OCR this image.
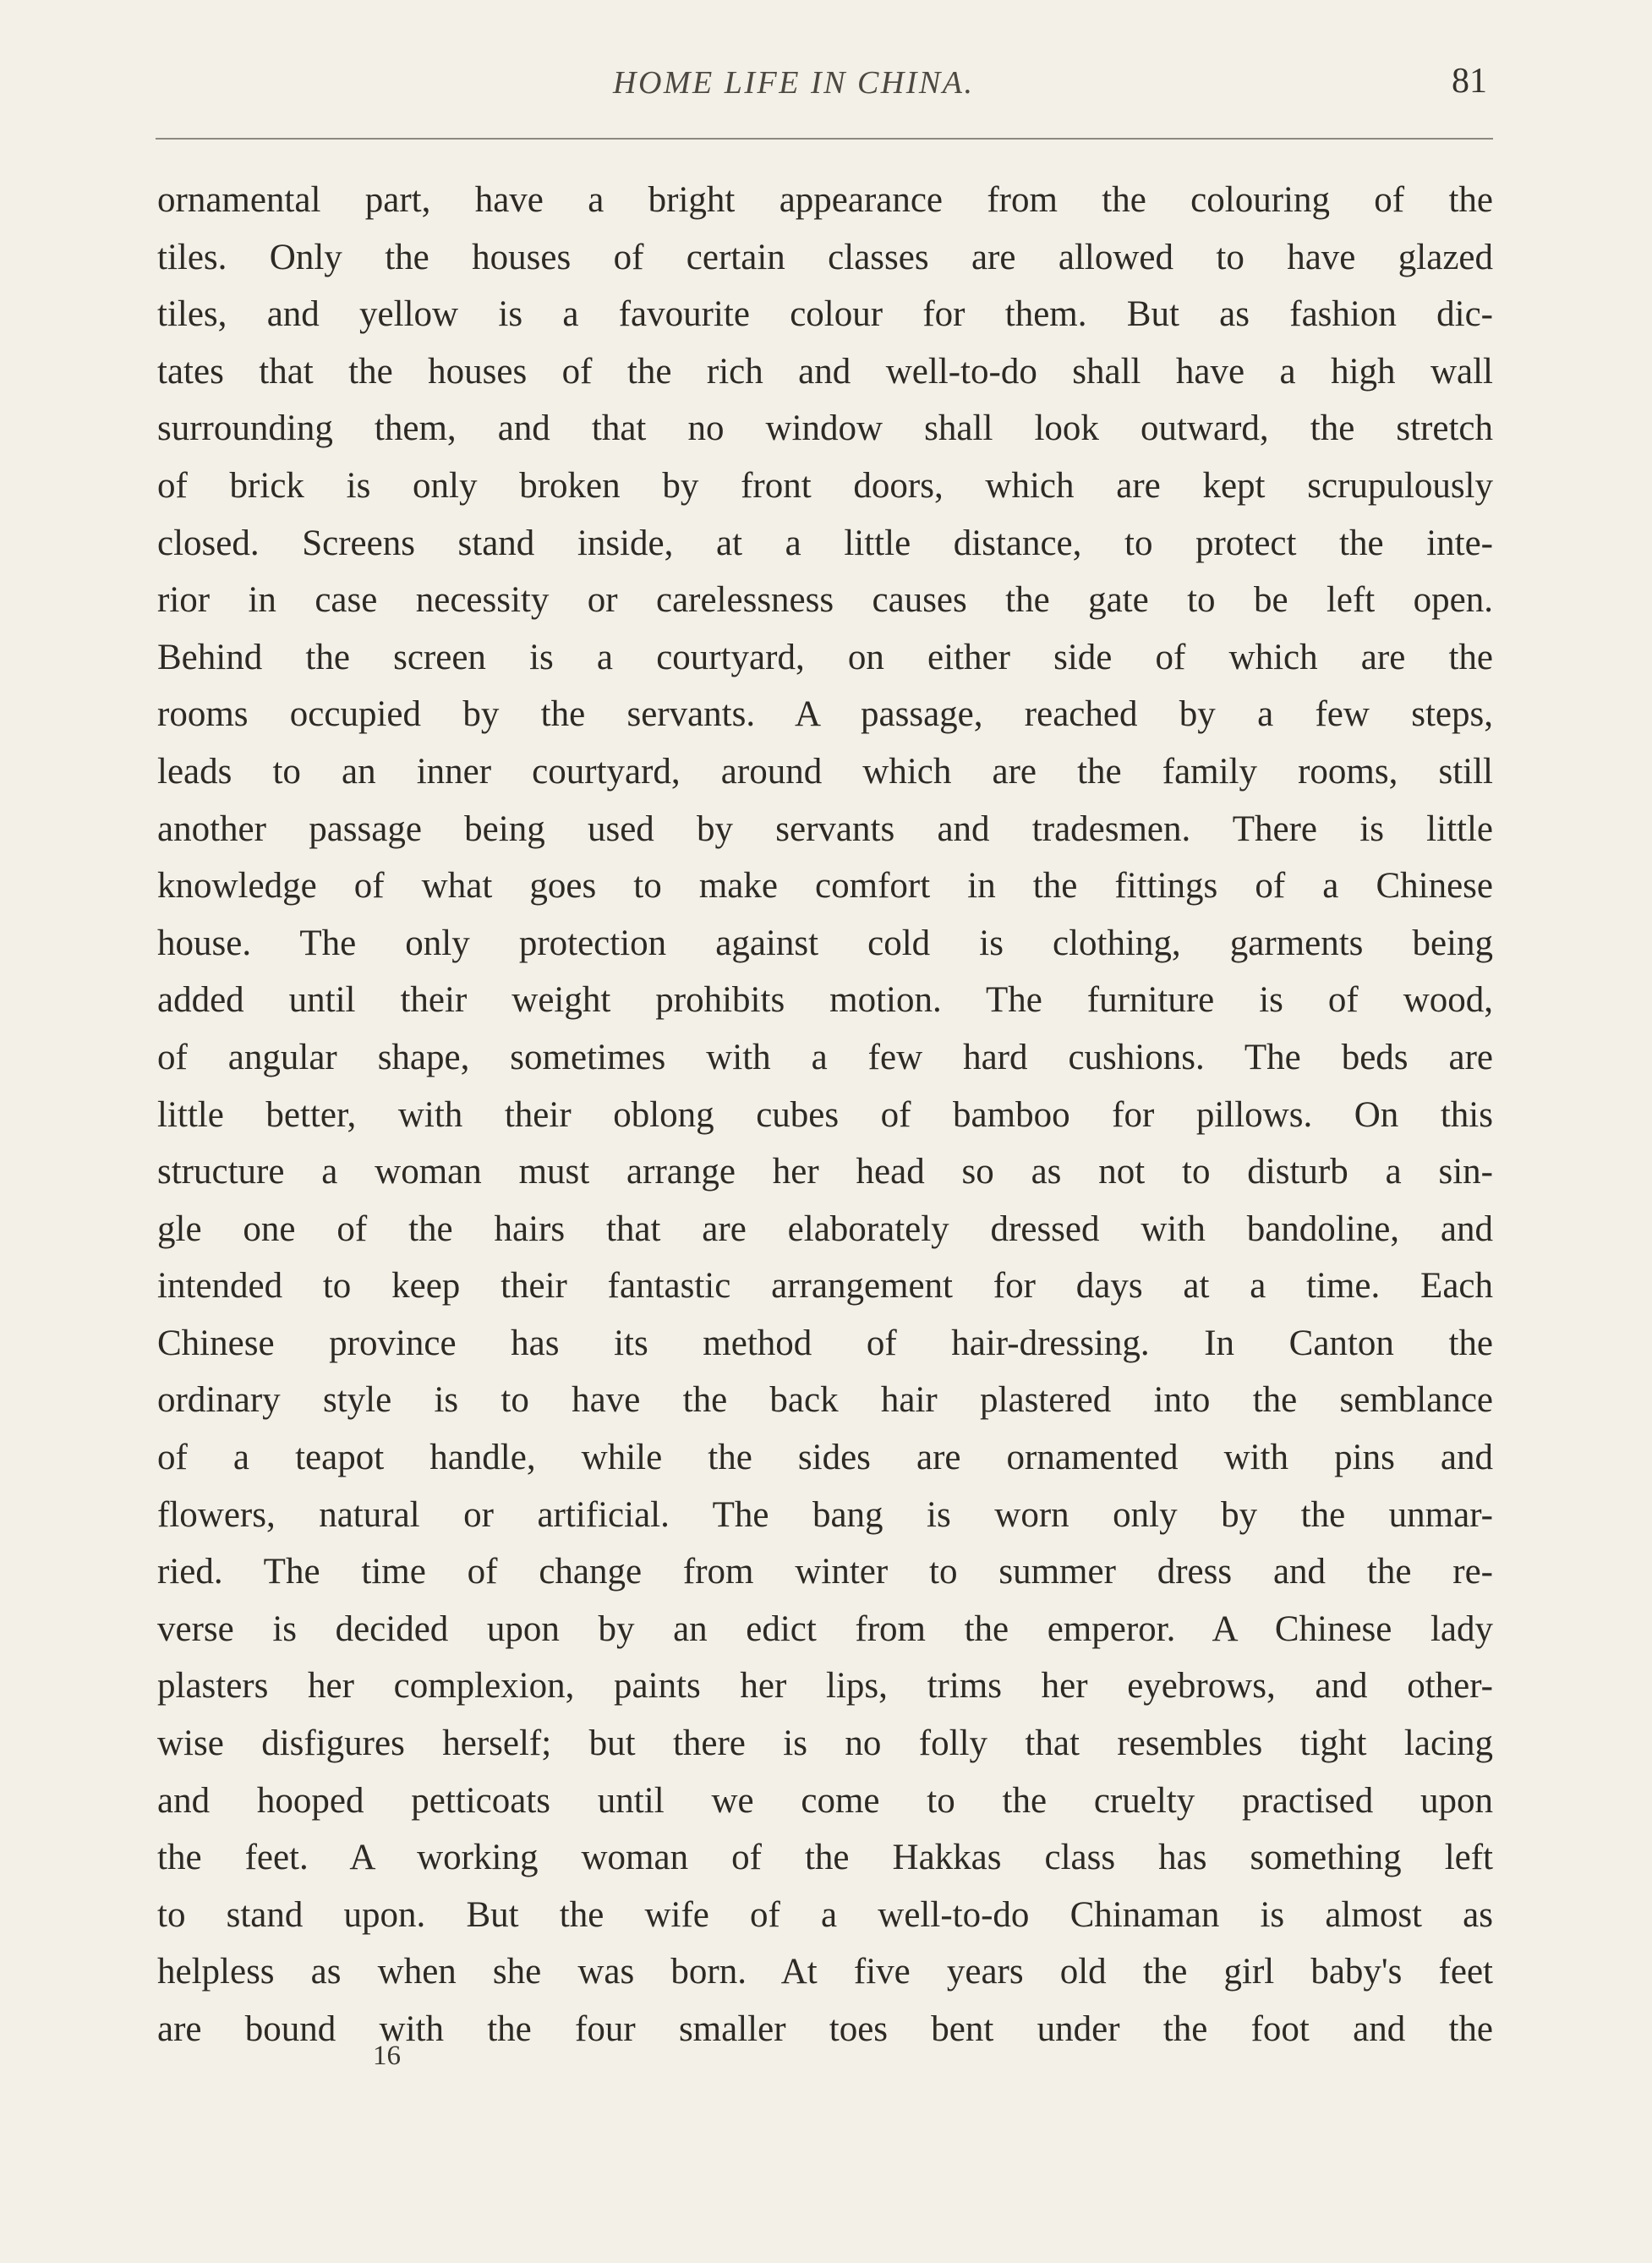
HOME LIFE IN CHINA.	81
ornamental part, have a bright appearance from the colouring of the
tiles. Only the houses of certain classes are allowed to have glazed
tiles, and yellow is a favourite colour for them. But as fashion dic-
tates that the houses of the rich and well-to-do shall have a high wall
surrounding them, and that no window shall look outward, the stretch
of brick is only broken by front doors, which are kept scrupulously
closed. Screens stand inside, at a little distance, to protect the inte-
rior in case necessity or carelessness causes the gate to be left open.
Behind the screen is a courtyard, on either side of which are the
rooms occupied by the servants. A passage, reached by a few steps,
leads to an inner courtyard, around which are the family rooms, still
another passage being used by servants and tradesmen. There is little
knowledge of what goes to make comfort in the fittings of a Chinese
house. The only protection against cold is clothing, garments being
added until their weight prohibits motion. The furniture is of wood,
of angular shape, sometimes with a few hard cushions. The beds are
little better, with their oblong cubes of bamboo for pillows. On this
structure a woman must arrange her head so as not to disturb a sin-
gle one of the hairs that are elaborately dressed with bandoline, and
intended to keep their fantastic arrangement for days at a time. Each
Chinese province has its method of hair-dressing. In Canton the
ordinary style is to have the back hair plastered into the semblance
of a teapot handle, while the sides are ornamented with pins and
flowers, natural or artificial. The bang is worn only by the unmar-
ried. The time of change from winter to summer dress and the re-
verse is decided upon by an edict from the emperor. A Chinese lady
plasters her complexion, paints her lips, trims her eyebrows, and other-
wise disfigures herself; but there is no folly that resembles tight lacing
and hooped petticoats until we come to the cruelty practised upon
the feet. A working woman of the Hakkas class has something left
to stand upon. But the wife of a well-to-do Chinaman is almost as
helpless as when she was born. At five years old the girl baby's feet
are bound with the four smaller toes bent under the foot and the
16
